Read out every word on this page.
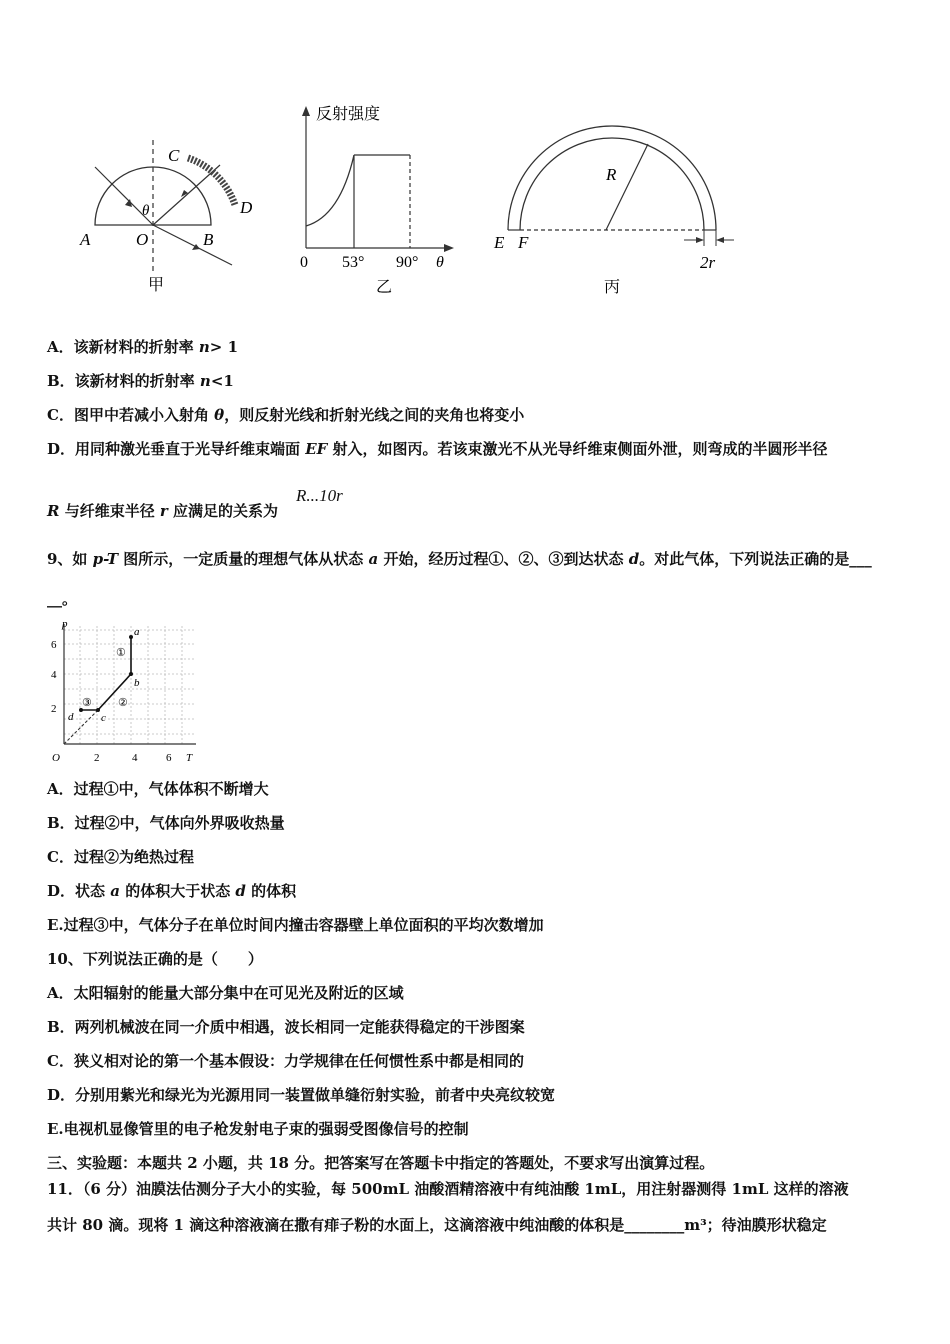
C
D
A	O	B
θ
甲
反射强度
0 53° 90° θ
乙
R
E F
2r
丙
A．该新材料的折射率 n> 1
B．该新材料的折射率 n<1
C．图甲中若减小入射角 θ，则反射光线和折射光线之间的夹角也将变小
D．用同种激光垂直于光导纤维束端面 EF 射入，如图丙。若该束激光不从光导纤维束侧面外泄，则弯成的半圆形半径
R 与纤维束半径 r 应满足的关系为
R...10r
9、如 p-T 图所示，一定质量的理想气体从状态 a 开始，经历过程①、②、③到达状态 d。对此气体，下列说法正确的是___
__。
p
T
O
6
4
2
2	4	6
a
b
c
d
①
②
③
A．过程①中，气体体积不断增大
B．过程②中，气体向外界吸收热量
C．过程②为绝热过程
D．状态 a 的体积大于状态 d 的体积
E.过程③中，气体分子在单位时间内撞击容器壁上单位面积的平均次数增加
10、下列说法正确的是（　　）
A．太阳辐射的能量大部分集中在可见光及附近的区域
B．两列机械波在同一介质中相遇，波长相同一定能获得稳定的干涉图案
C．狭义相对论的第一个基本假设：力学规律在任何惯性系中都是相同的
D．分别用紫光和绿光为光源用同一装置做单缝衍射实验，前者中央亮纹较宽
E.电视机显像管里的电子枪发射电子束的强弱受图像信号的控制
三、实验题：本题共 2 小题，共 18 分。把答案写在答题卡中指定的答题处，不要求写出演算过程。
11．（6 分）油膜法估测分子大小的实验，每 500mL 油酸酒精溶液中有纯油酸 1mL，用注射器测得 1mL 这样的溶液
共计 80 滴。现将 1 滴这种溶液滴在撒有痱子粉的水面上，这滴溶液中纯油酸的体积是________m³；待油膜形状稳定
